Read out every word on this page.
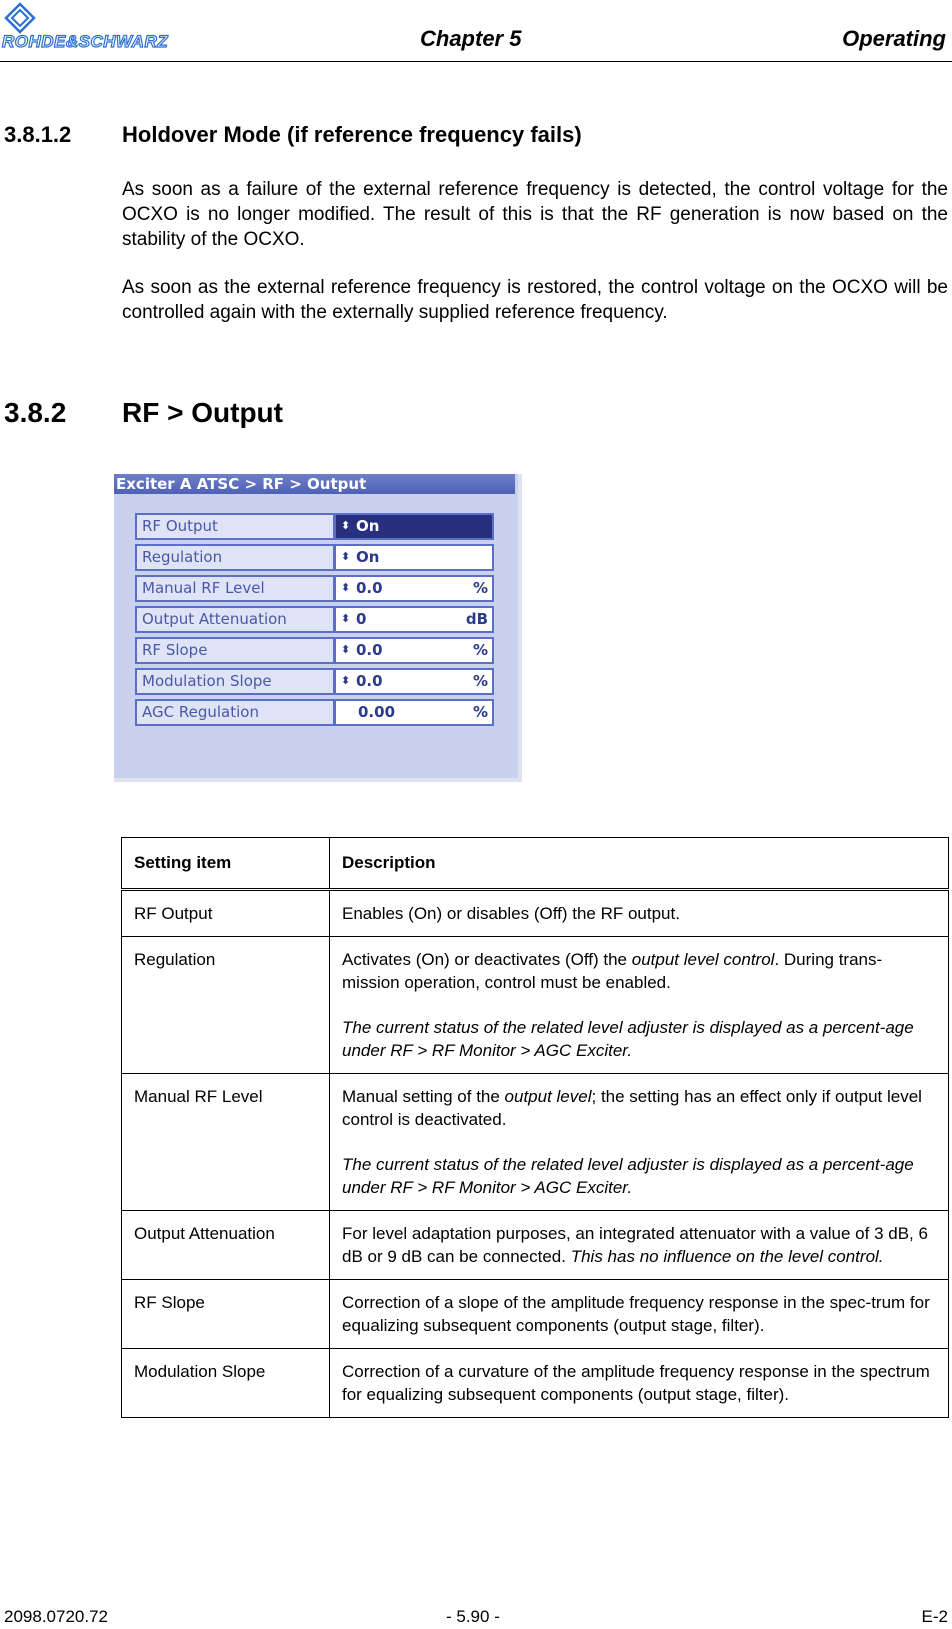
ROHDE&SCHWARZ	Chapter 5	Operating
3.8.1.2 Holdover Mode (if reference frequency fails)
As soon as a failure of the external reference frequency is detected, the control voltage for the OCXO is no longer modified. The result of this is that the RF generation is now based on the stability of the OCXO.
As soon as the external reference frequency is restored, the control voltage on the OCXO will be controlled again with the externally supplied reference frequency.
3.8.2 RF > Output
Exciter A ATSC > RF > Output
RF Output	⬍ On
Regulation	⬍ On
Manual RF Level	⬍ 0.0	%
Output Attenuation	⬍ 0	dB
RF Slope	⬍ 0.0	%
Modulation Slope	⬍ 0.0	%
AGC Regulation	0.00	%
Setting item	Description
RF Output	Enables (On) or disables (Off) the RF output.
Regulation	Activates (On) or deactivates (Off) the output level control. During trans-mission operation, control must be enabled.
The current status of the related level adjuster is displayed as a percent-age under RF > RF Monitor > AGC Exciter.

Manual RF Level	Manual setting of the output level; the setting has an effect only if output level control is deactivated.
The current status of the related level adjuster is displayed as a percent-age under RF > RF Monitor > AGC Exciter.

Output Attenuation	For level adaptation purposes, an integrated attenuator with a value of 3 dB, 6 dB or 9 dB can be connected. This has no influence on the level control.
RF Slope	Correction of a slope of the amplitude frequency response in the spec-trum for equalizing subsequent components (output stage, filter).
Modulation Slope	Correction of a curvature of the amplitude frequency response in the spectrum for equalizing subsequent components (output stage, filter).
2098.0720.72	- 5.90 -	E-2
